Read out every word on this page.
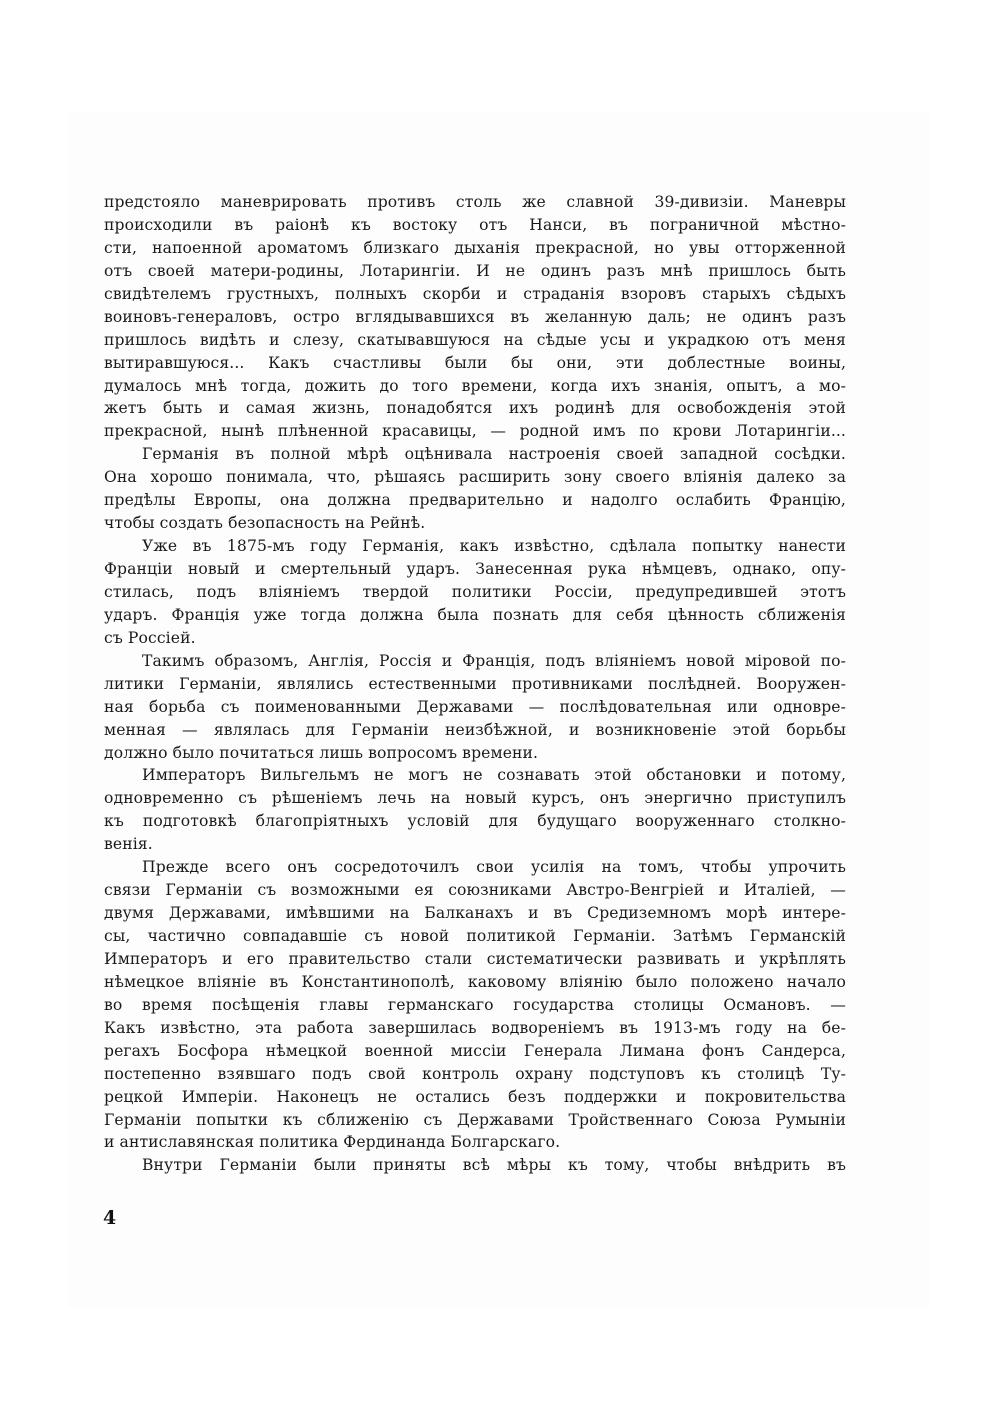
предстояло маневрировать противъ столь же славной 39-дивизіи. Маневры
происходили въ раіонѣ къ востоку отъ Нанси, въ пограничной мѣстно-
сти, напоенной ароматомъ близкаго дыханія прекрасной, но увы отторженной
отъ своей матери-родины, Лотарингіи. И не одинъ разъ мнѣ пришлось быть
свидѣтелемъ грустныхъ, полныхъ скорби и страданія взоровъ старыхъ сѣдыхъ
воиновъ-генераловъ, остро вглядывавшихся въ желанную даль; не одинъ разъ
пришлось видѣть и слезу, скатывавшуюся на сѣдые усы и украдкою отъ меня
вытиравшуюся... Какъ счастливы были бы они, эти доблестные воины,
думалось мнѣ тогда, дожить до того времени, когда ихъ знанія, опытъ, а мо-
жетъ быть и самая жизнь, понадобятся ихъ родинѣ для освобожденія этой
прекрасной, нынѣ плѣненной красавицы, — родной имъ по крови Лотарингіи...
Германія въ полной мѣрѣ оцѣнивала настроенія своей западной сосѣдки.
Она хорошо понимала, что, рѣшаясь расширить зону своего вліянія далеко за
предѣлы Европы, она должна предварительно и надолго ослабить Францію,
чтобы создать безопасность на Рейнѣ.
Уже въ 1875-мъ году Германія, какъ извѣстно, сдѣлала попытку нанести
Франціи новый и смертельный ударъ. Занесенная рука нѣмцевъ, однако, опу-
стилась, подъ вліяніемъ твердой политики Россіи, предупредившей этотъ
ударъ. Франція уже тогда должна была познать для себя цѣнность сближенія
съ Россіей.
Такимъ образомъ, Англія, Россія и Франція, подъ вліяніемъ новой міровой по-
литики Германіи, являлись естественными противниками послѣдней. Вооружен-
ная борьба съ поименованными Державами — послѣдовательная или одновре-
менная — являлась для Германіи неизбѣжной, и возникновеніе этой борьбы
должно было почитаться лишь вопросомъ времени.
Императоръ Вильгельмъ не могъ не сознавать этой обстановки и потому,
одновременно съ рѣшеніемъ лечь на новый курсъ, онъ энергично приступилъ
къ подготовкѣ благопріятныхъ условій для будущаго вооруженнаго столкно-
венія.
Прежде всего онъ сосредоточилъ свои усилія на томъ, чтобы упрочить
связи Германіи съ возможными ея союзниками Австро-Венгріей и Италіей, —
двумя Державами, имѣвшими на Балканахъ и въ Средиземномъ морѣ интере-
сы, частично совпадавшіе съ новой политикой Германіи. Затѣмъ Германскій
Императоръ и его правительство стали систематически развивать и укрѣплять
нѣмецкое вліяніе въ Константинополѣ, каковому вліянію было положено начало
во время посѣщенія главы германскаго государства столицы Османовъ. —
Какъ извѣстно, эта работа завершилась водвореніемъ въ 1913-мъ году на бе-
регахъ Босфора нѣмецкой военной миссіи Генерала Лимана фонъ Сандерса,
постепенно взявшаго подъ свой контроль охрану подступовъ къ столицѣ Ту-
рецкой Имперіи. Наконецъ не остались безъ поддержки и покровительства
Германіи попытки къ сближенію съ Державами Тройственнаго Союза Румыніи
и антиславянская политика Фердинанда Болгарскаго.
Внутри Германіи были приняты всѣ мѣры къ тому, чтобы внѣдрить въ
4
